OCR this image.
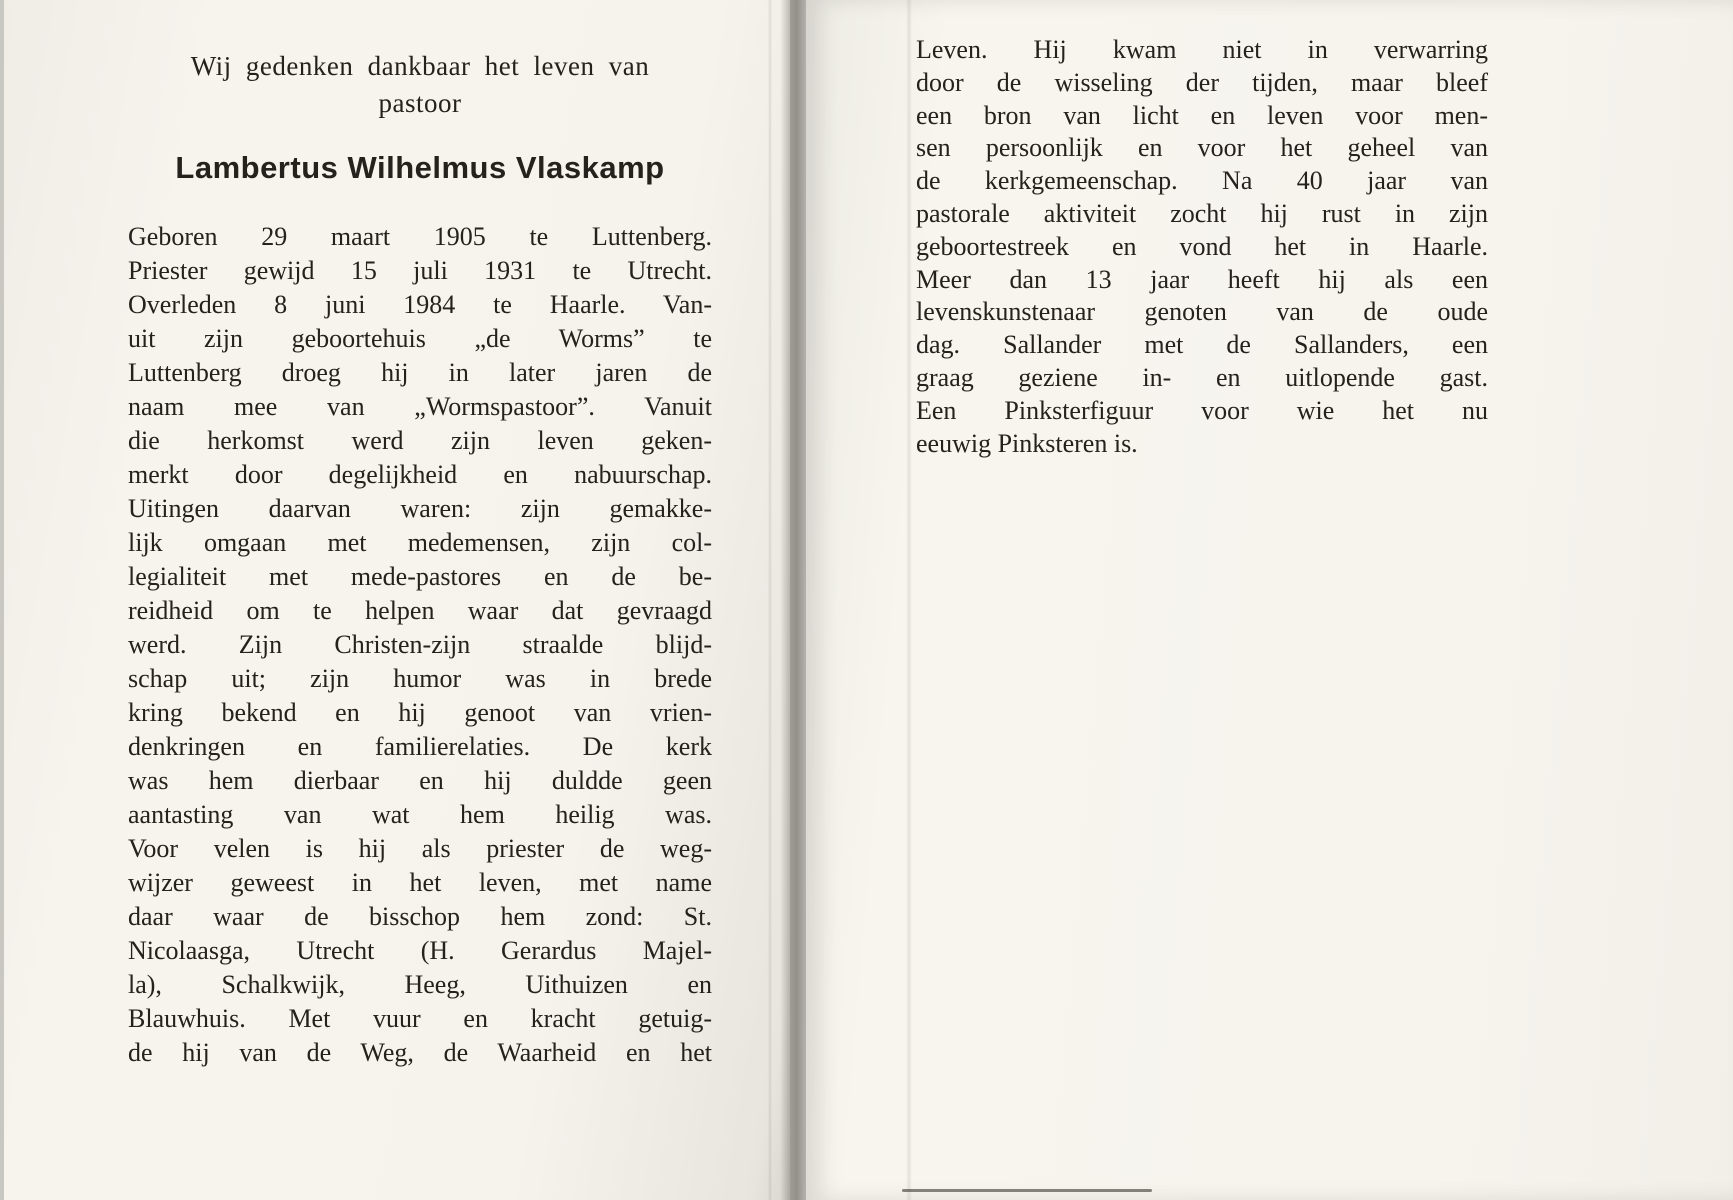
Wij gedenken dankbaar het leven van
pastoor
Lambertus Wilhelmus Vlaskamp
Geboren 29 maart 1905 te Luttenberg.
Priester gewijd 15 juli 1931 te Utrecht.
Overleden 8 juni 1984 te Haarle. Van-
uit zijn geboortehuis „de Worms” te
Luttenberg droeg hij in later jaren de
naam mee van „Wormspastoor”. Vanuit
die herkomst werd zijn leven geken-
merkt door degelijkheid en nabuurschap.
Uitingen daarvan waren: zijn gemakke-
lijk omgaan met medemensen, zijn col-
legialiteit met mede-pastores en de be-
reidheid om te helpen waar dat gevraagd
werd. Zijn Christen-zijn straalde blijd-
schap uit; zijn humor was in brede
kring bekend en hij genoot van vrien-
denkringen en familierelaties. De kerk
was hem dierbaar en hij duldde geen
aantasting van wat hem heilig was.
Voor velen is hij als priester de weg-
wijzer geweest in het leven, met name
daar waar de bisschop hem zond: St.
Nicolaasga, Utrecht (H. Gerardus Majel-
la), Schalkwijk, Heeg, Uithuizen en
Blauwhuis. Met vuur en kracht getuig-
de hij van de Weg, de Waarheid en het
Leven. Hij kwam niet in verwarring
door de wisseling der tijden, maar bleef
een bron van licht en leven voor men-
sen persoonlijk en voor het geheel van
de kerkgemeenschap. Na 40 jaar van
pastorale aktiviteit zocht hij rust in zijn
geboortestreek en vond het in Haarle.
Meer dan 13 jaar heeft hij als een
levenskunstenaar genoten van de oude
dag. Sallander met de Sallanders, een
graag geziene in- en uitlopende gast.
Een Pinksterfiguur voor wie het nu
eeuwig Pinksteren is.
